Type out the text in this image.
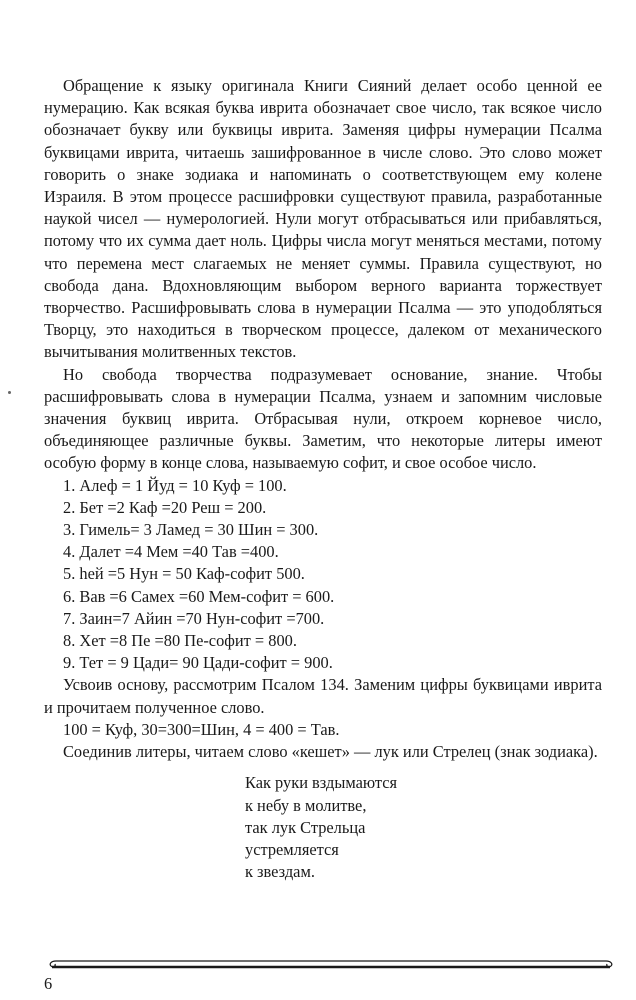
Обращение к языку оригинала Книги Сияний делает особо ценной ее нумерацию. Как всякая буква иврита обозначает свое число, так всякое число обозначает букву или буквицы иврита. Заменяя цифры нумерации Псалма буквицами иврита, читаешь зашифрованное в числе слово. Это слово может говорить о знаке зодиака и напоминать о соответствующем ему колене Израиля. В этом процессе расшифровки существуют правила, разработанные наукой чисел — нумерологией. Нули могут отбрасываться или прибавляться, потому что их сумма дает ноль. Цифры числа могут меняться местами, потому что перемена мест слагаемых не меняет суммы. Правила существуют, но свобода дана. Вдохновляющим выбором верного варианта торжествует творчество. Расшифровывать слова в нумерации Псалма — это уподобляться Творцу, это находиться в творческом процессе, далеком от механического вычитывания молитвенных текстов.

Но свобода творчества подразумевает основание, знание. Чтобы расшифровывать слова в нумерации Псалма, узнаем и запомним числовые значения буквиц иврита. Отбрасывая нули, откроем корневое число, объединяющее различные буквы. Заметим, что некоторые литеры имеют особую форму в конце слова, называемую софит, и свое особое число.

1. Алеф = 1 Йуд = 10 Куф = 100.
2. Бет =2 Каф =20 Реш = 200.
3. Гимель= 3 Ламед = 30 Шин = 300.
4. Далет =4 Мем =40 Тав =400.
5. hей =5 Нун = 50 Каф-софит 500.
6. Вав =6 Самех =60 Мем-софит = 600.
7. Заин=7 Айин =70 Нун-софит =700.
8. Хет =8 Пе =80 Пе-софит = 800.
9. Тет = 9 Цади= 90 Цади-софит = 900.

Усвоив основу, рассмотрим Псалом 134. Заменим цифры буквицами иврита и прочитаем полученное слово.

100 = Куф, 30=300=Шин, 4 = 400 = Тав.

Соединив литеры, читаем слово «кешет» — лук или Стрелец (знак зодиака).

Как руки вздымаются
к небу в молитве,
так лук Стрельца
устремляется
к звездам.
6
